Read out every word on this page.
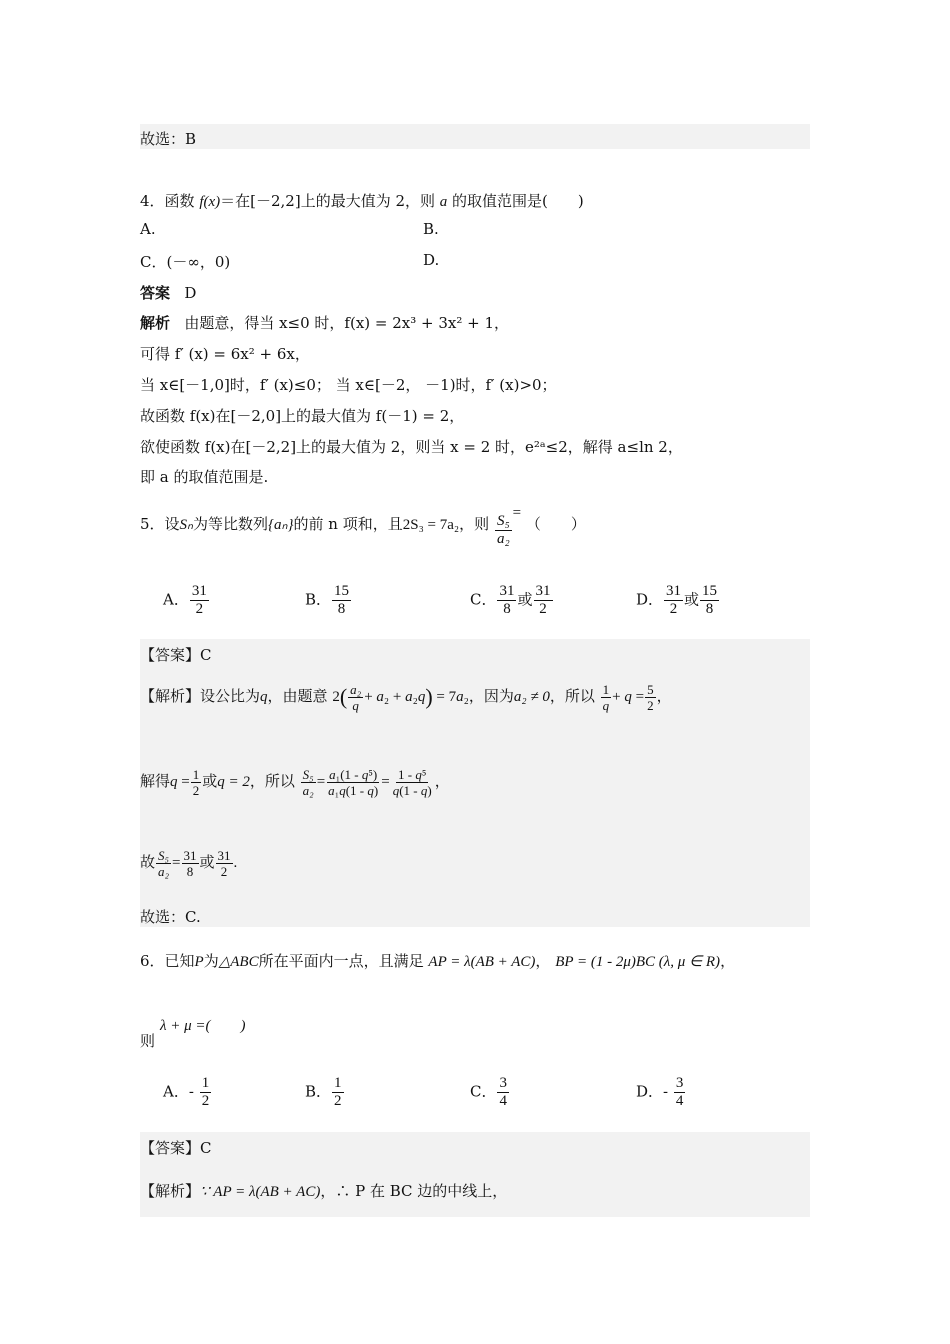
故选：B
4．函数 f(x)＝在[－2,2]上的最大值为 2，则 a 的取值范围是(　　)
A.	B.
C．(－∞，0)	D.
答案 D
解析 由题意，得当 x≤0 时，f(x) = 2x³ + 3x² + 1，
可得 f′ (x) = 6x² + 6x，
当 x∈[－1,0]时，f′ (x)≤0； 当 x∈[－2， －1)时，f′ (x)>0；
故函数 f(x)在[－2,0]上的最大值为 f(－1) = 2，
欲使函数 f(x)在[－2,2]上的最大值为 2，则当 x = 2 时，e²ᵃ≤2，解得 a≤ln 2，
即 a 的取值范围是.
5．设Sₙ为等比数列{aₙ}的前 n 项和，且2S₃ = 7a₂，则 $\frac{\text{S₅}}{\text{a₂}}$ = （　　）
A． $\frac{31}{2}$	B． $\frac{15}{8}$	C． $\frac{31}{8}$ 或 $\frac{31}{2}$	D． $\frac{31}{2}$ 或 $\frac{15}{8}$
【答案】C
【解析】设公比为q，由题意 $2( \frac{\text{a₂}}{q} + a_2 + a_2q) = 7a_2$，因为a₂ ≠ 0，所以 $\frac{1}{q} + q = \frac{5}{2}$ ，
解得$q = \frac{1}{2}$ 或q = 2，所以 $\frac{\text{S₅}}{\text{a₂}} = \frac{\text{a₁(1 - q⁵)}}{\text{a₁q(1 - q)}} = \frac{\text{1 - q⁵}}{q(1 - q)}$ ，
故 $\frac{\text{S₅}}{\text{a₂}} = \frac{31}{8}$ 或 $\frac{31}{2}$ .
故选：C.
6．已知P为△ABC所在平面内一点，且满足 AP = λ(AB + AC)， BP = (1 - 2μ)BC (λ, μ ∈ R)，
λ + μ =(　　)
则
A．- $\frac{1}{2}$	B． $\frac{1}{2}$	C． $\frac{3}{4}$	D．- $\frac{3}{4}$
【答案】C
【解析】∵ AP = λ(AB + AC)，∴ P 在 BC 边的中线上，
